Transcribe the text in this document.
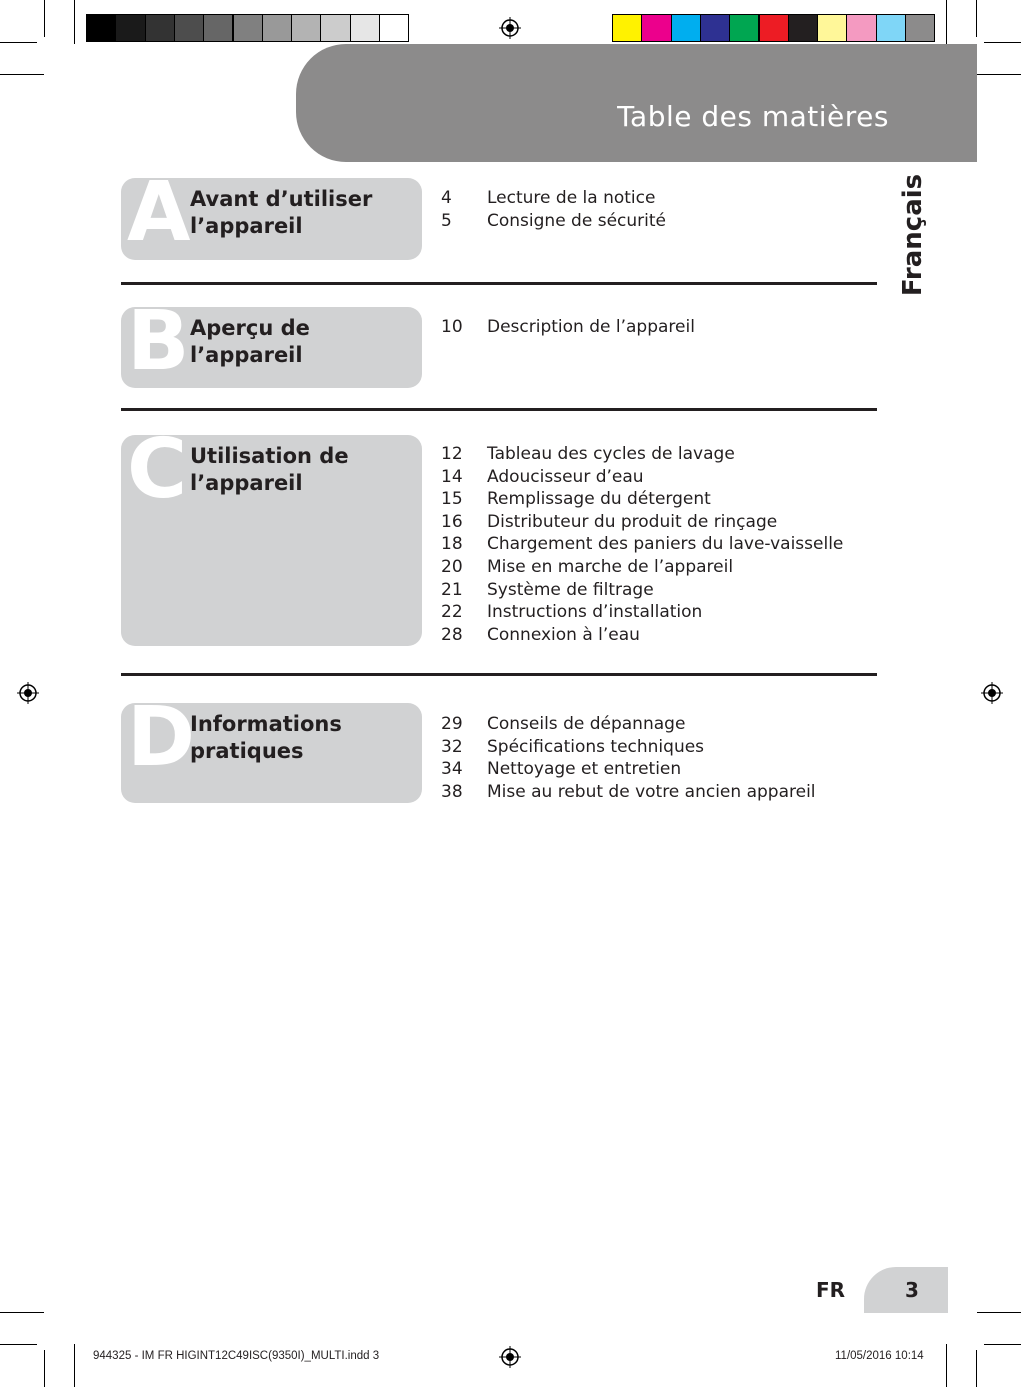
Table des matières
Français
A Avant d’utiliser l’appareil
4	Lecture de la notice
5	Consigne de sécurité
B Aperçu de l’appareil
10	Description de l’appareil
C Utilisation de l’appareil
12	Tableau des cycles de lavage
14	Adoucisseur d’eau
15	Remplissage du détergent
16	Distributeur du produit de rinçage
18	Chargement des paniers du lave-vaisselle
20	Mise en marche de l’appareil
21	Système de filtrage
22	Instructions d’installation
28	Connexion à l’eau
D
Informations pratiques
29	Conseils de dépannage
32	Spécifications techniques
34	Nettoyage et entretien
38	Mise au rebut de votre ancien appareil
FR	3
944325 - IM FR HIGINT12C49ISC(9350I)_MULTI.indd 3	11/05/2016 10:14
